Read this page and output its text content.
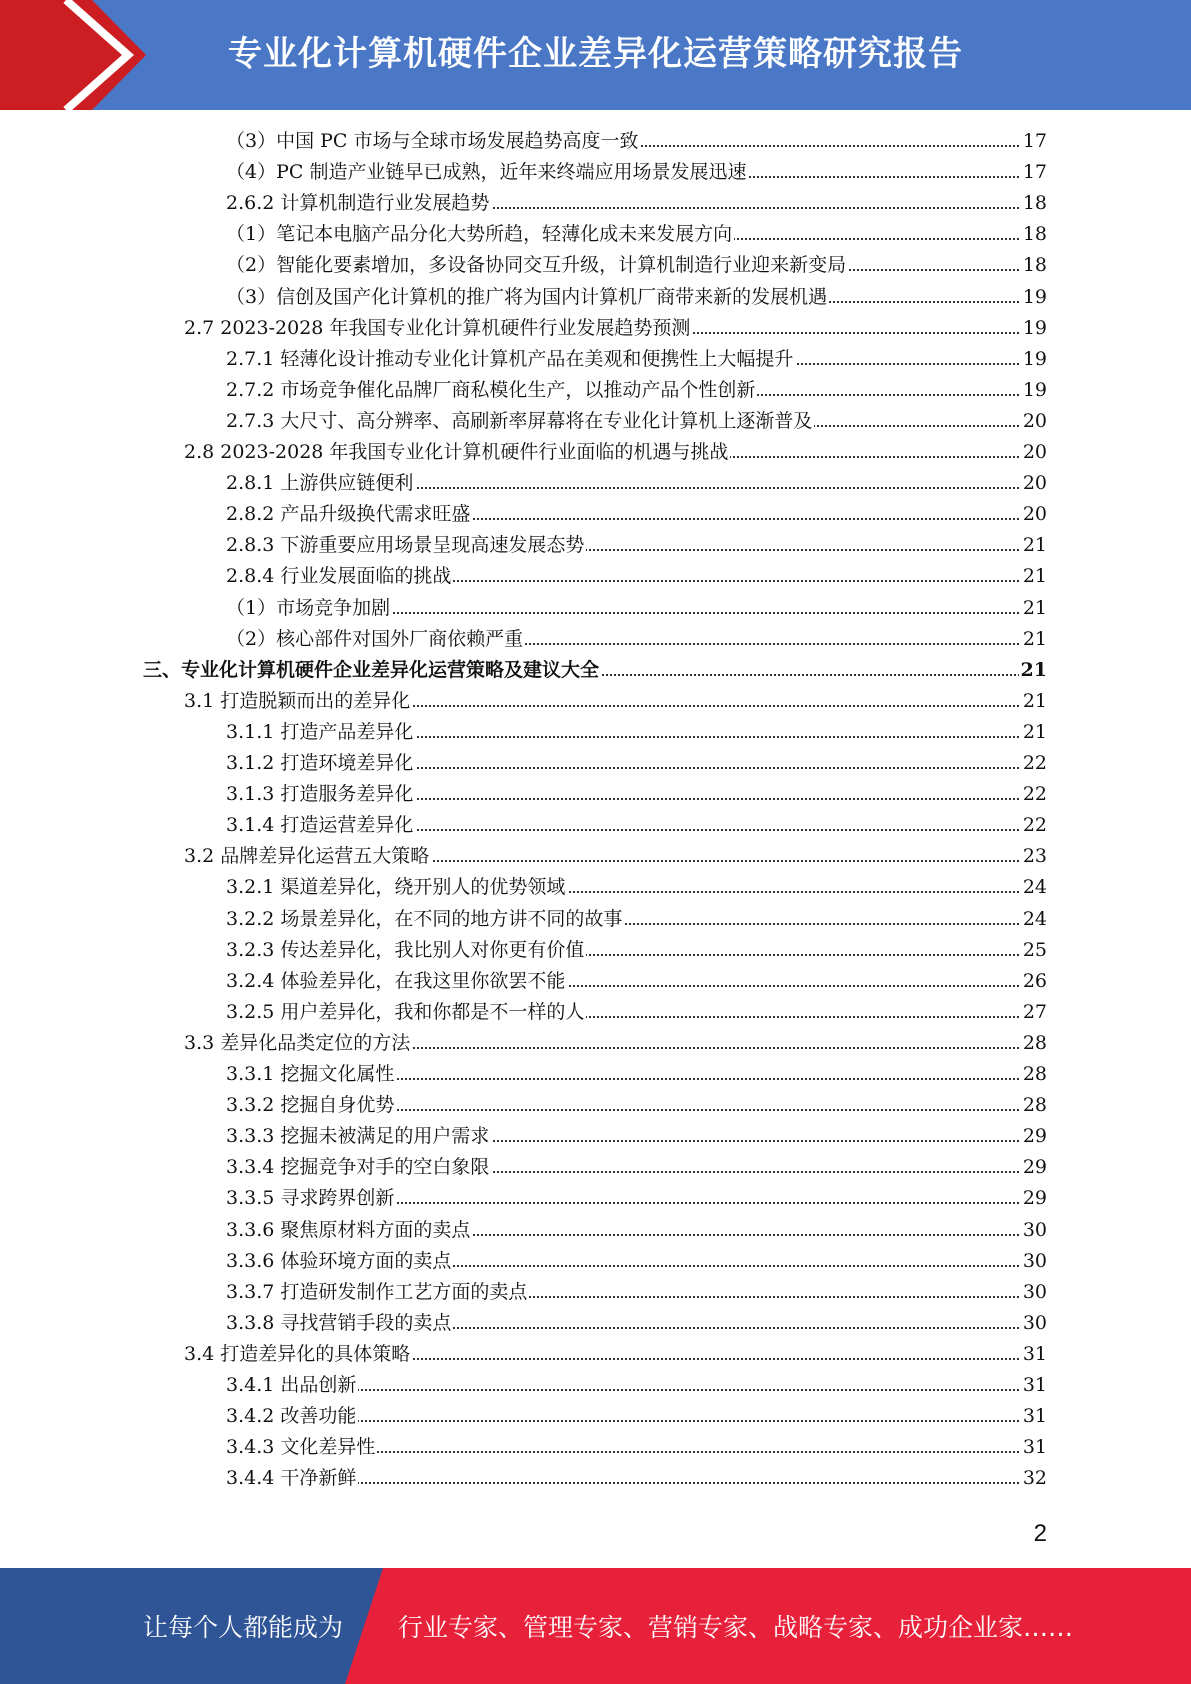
专业化计算机硬件企业差异化运营策略研究报告
（3）中国 PC 市场与全球市场发展趋势高度一致	17
（4）PC 制造产业链早已成熟，近年来终端应用场景发展迅速	17
2.6.2 计算机制造行业发展趋势	18
（1）笔记本电脑产品分化大势所趋，轻薄化成未来发展方向	18
（2）智能化要素增加，多设备协同交互升级，计算机制造行业迎来新变局	18
（3）信创及国产化计算机的推广将为国内计算机厂商带来新的发展机遇	19
2.7 2023-2028 年我国专业化计算机硬件行业发展趋势预测	19
2.7.1 轻薄化设计推动专业化计算机产品在美观和便携性上大幅提升	19
2.7.2 市场竞争催化品牌厂商私模化生产，以推动产品个性创新	19
2.7.3 大尺寸、高分辨率、高刷新率屏幕将在专业化计算机上逐渐普及	20
2.8 2023-2028 年我国专业化计算机硬件行业面临的机遇与挑战	20
2.8.1 上游供应链便利	20
2.8.2 产品升级换代需求旺盛	20
2.8.3 下游重要应用场景呈现高速发展态势	21
2.8.4 行业发展面临的挑战	21
（1）市场竞争加剧	21
（2）核心部件对国外厂商依赖严重	21
三、专业化计算机硬件企业差异化运营策略及建议大全	21
3.1 打造脱颖而出的差异化	21
3.1.1 打造产品差异化	21
3.1.2 打造环境差异化	22
3.1.3 打造服务差异化	22
3.1.4 打造运营差异化	22
3.2 品牌差异化运营五大策略	23
3.2.1 渠道差异化，绕开别人的优势领域	24
3.2.2 场景差异化，在不同的地方讲不同的故事	24
3.2.3 传达差异化，我比别人对你更有价值	25
3.2.4 体验差异化，在我这里你欲罢不能	26
3.2.5 用户差异化，我和你都是不一样的人	27
3.3 差异化品类定位的方法	28
3.3.1 挖掘文化属性	28
3.3.2 挖掘自身优势	28
3.3.3 挖掘未被满足的用户需求	29
3.3.4 挖掘竞争对手的空白象限	29
3.3.5 寻求跨界创新	29
3.3.6 聚焦原材料方面的卖点	30
3.3.6 体验环境方面的卖点	30
3.3.7 打造研发制作工艺方面的卖点	30
3.3.8 寻找营销手段的卖点	30
3.4 打造差异化的具体策略	31
3.4.1 出品创新	31
3.4.2 改善功能	31
3.4.3 文化差异性	31
3.4.4 干净新鲜	32
2
让每个人都能成为 行业专家、管理专家、营销专家、战略专家、成功企业家……
